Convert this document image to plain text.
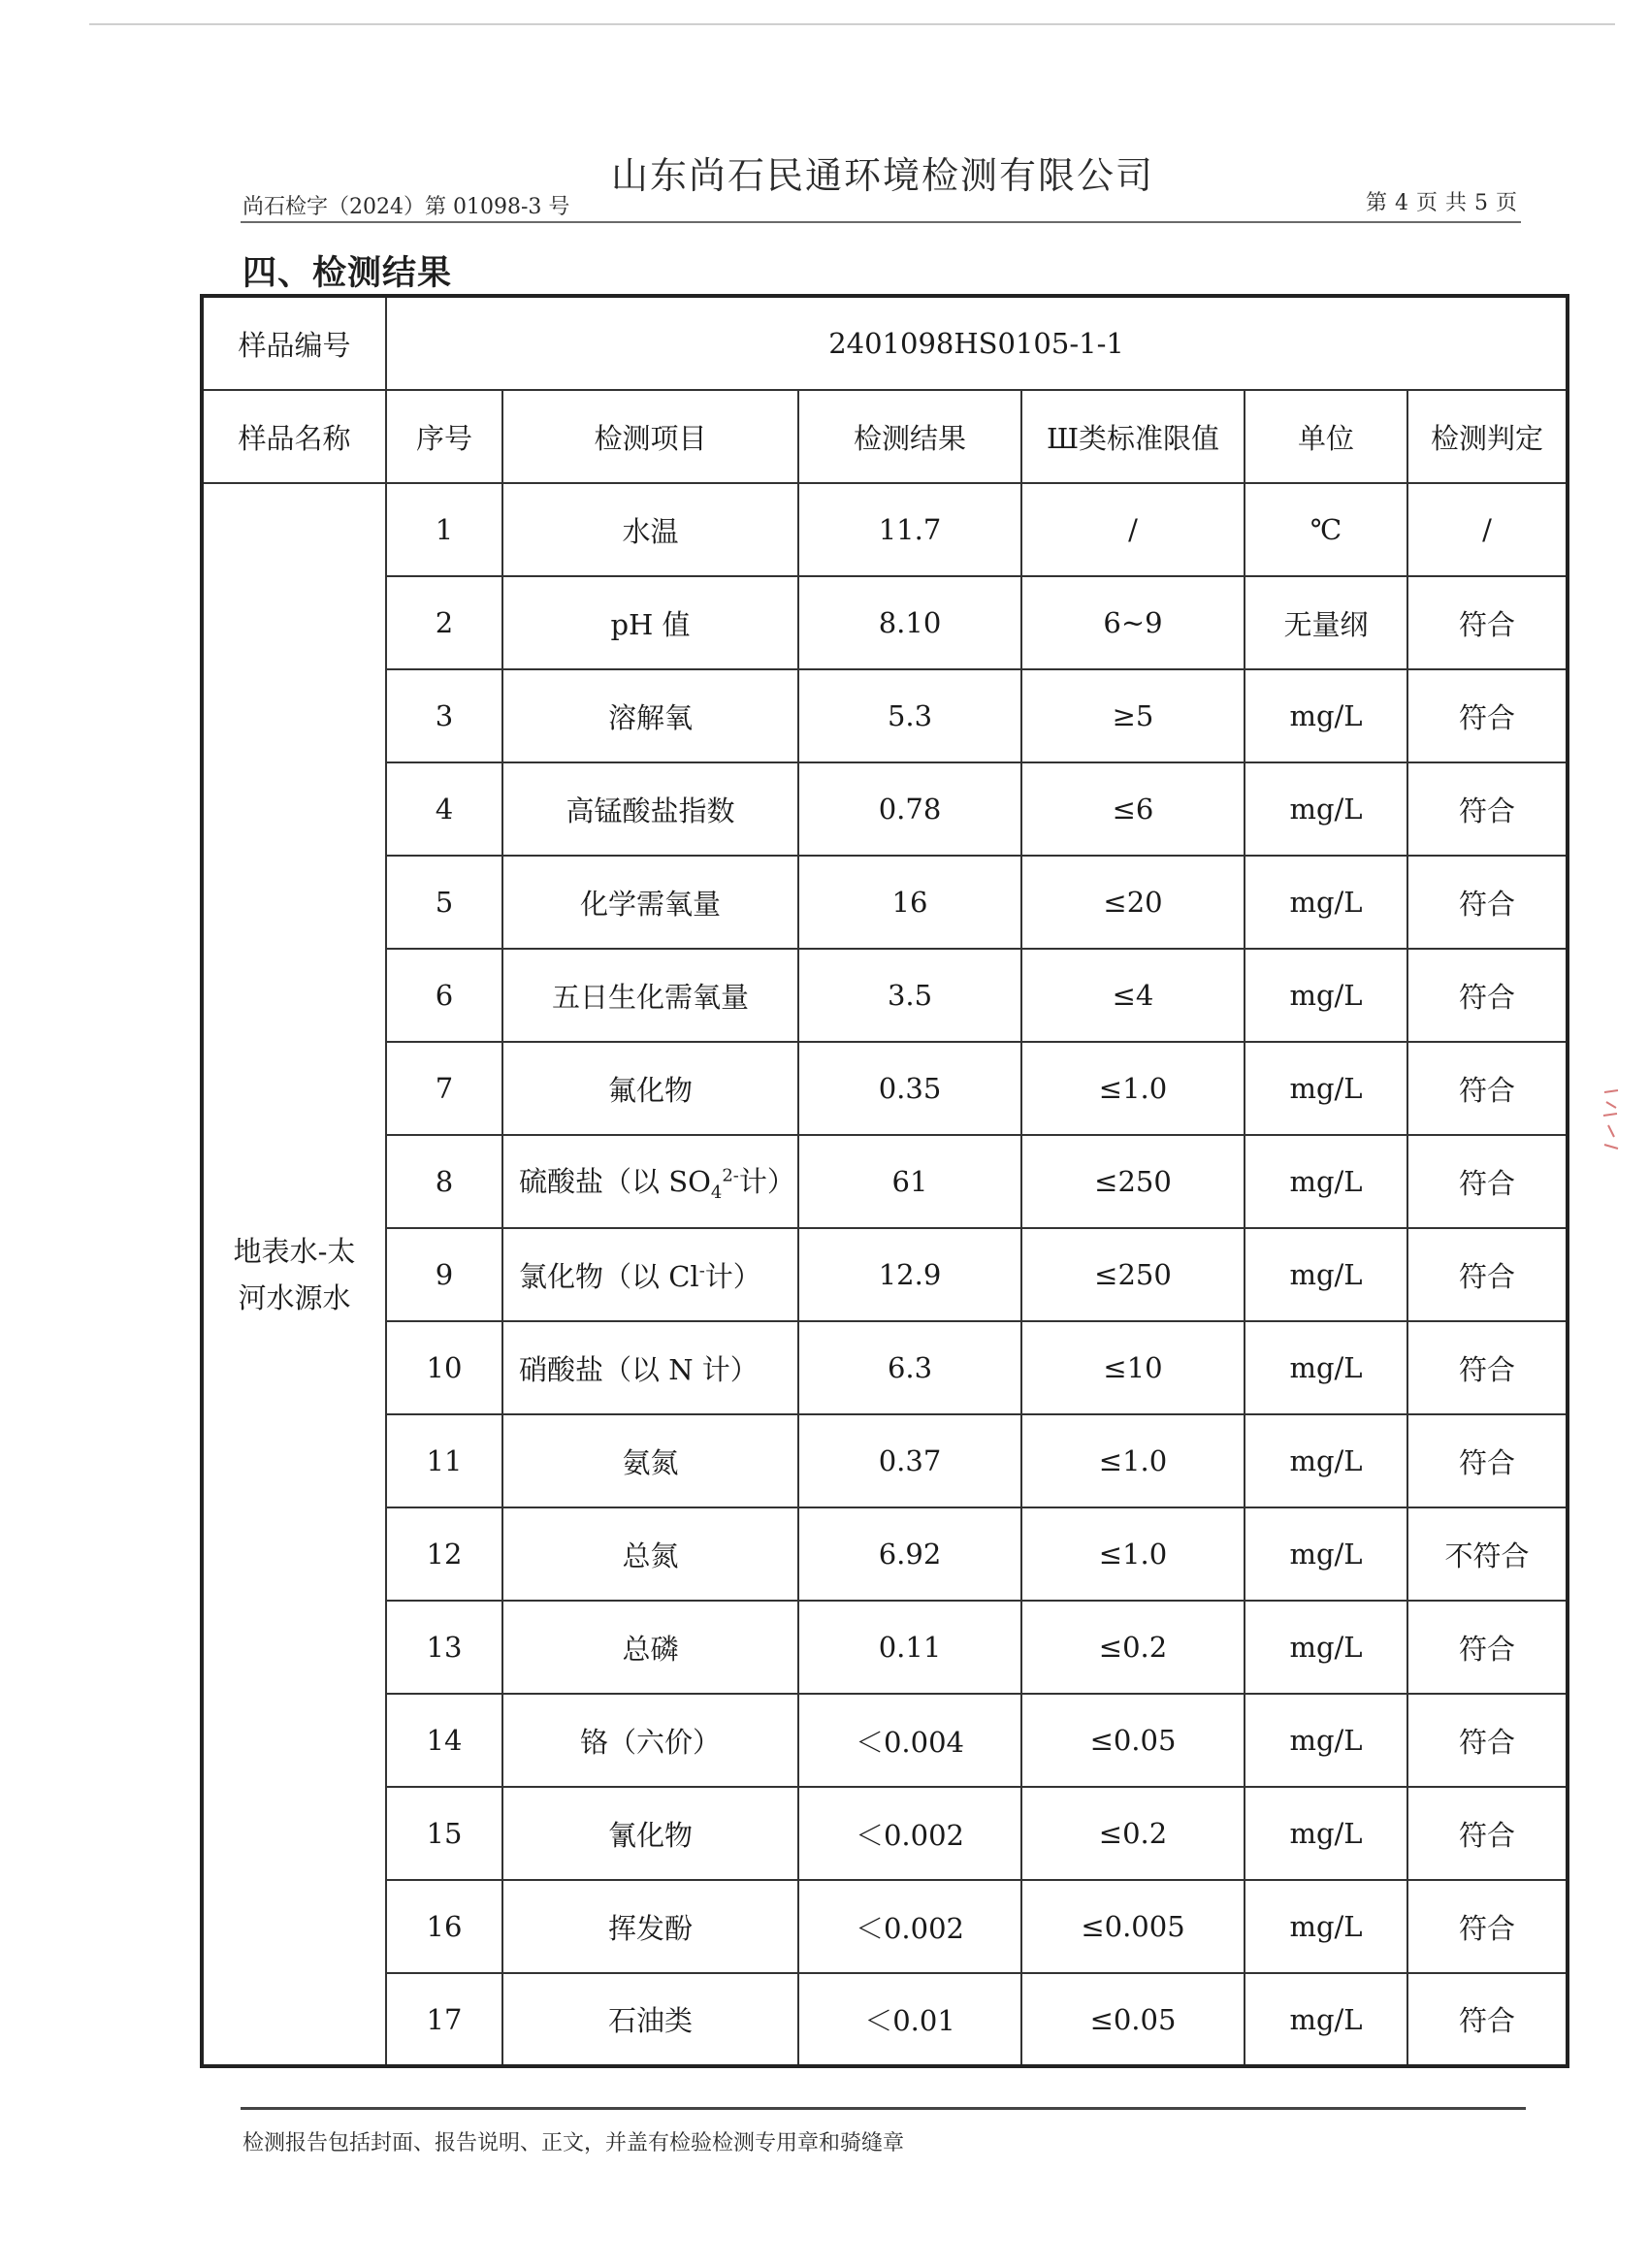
山东尚石民通环境检测有限公司
尚石检字（2024）第 01098-3 号	第 4 页 共 5 页
四、检测结果
样品编号	2401098HS0105-1-1					
样品名称	序号	检测项目	检测结果	Ш类标准限值	单位	检测判定

地表水-太
河水源水	1	水温	11.7	/	℃	/
	2	pH 值	8.10	6~9	无量纲	符合
	3	溶解氧	5.3	≥5	mg/L	符合
	4	高锰酸盐指数	0.78	≤6	mg/L	符合
	5	化学需氧量	16	≤20	mg/L	符合
	6	五日生化需氧量	3.5	≤4	mg/L	符合
	7	氟化物	0.35	≤1.0	mg/L	符合
	8	硫酸盐（以 $SO_4^{2-}$计）	61	≤250	mg/L	符合
	9	氯化物（以 Cl-计）	12.9	≤250	mg/L	符合
	10	硝酸盐（以 N 计）	6.3	≤10	mg/L	符合
	11	氨氮	0.37	≤1.0	mg/L	符合
	12	总氮	6.92	≤1.0	mg/L	不符合
	13	总磷	0.11	≤0.2	mg/L	符合
	14	铬（六价）	＜0.004	≤0.05	mg/L	符合
	15	氰化物	＜0.002	≤0.2	mg/L	符合
	16	挥发酚	＜0.002	≤0.005	mg/L	符合
	17	石油类	＜0.01	≤0.05	mg/L	符合
检测报告包括封面、报告说明、正文，并盖有检验检测专用章和骑缝章
